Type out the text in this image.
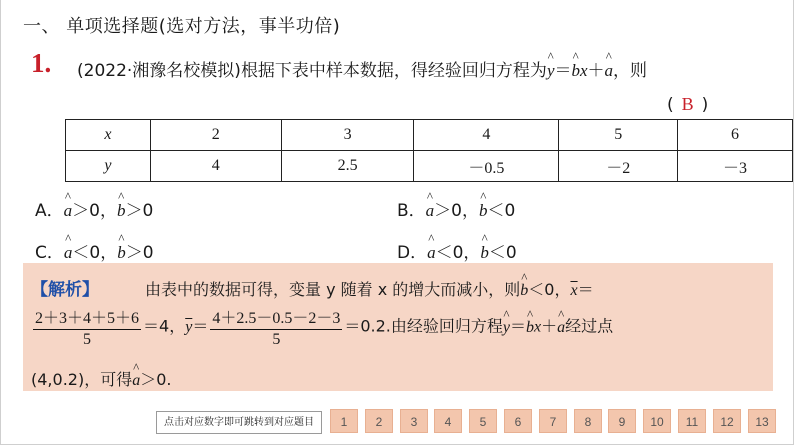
一、 单项选择题(选对方法，事半功倍)
1. (2022·湘豫名校模拟)根据下表中样本数据，得经验回归方程为^ y＝^ bx＋^ a，则
( B )
x	2	3	4	5	6
y	4	2.5	－0.5	－2	－3
A．^ a＞0，^ b＞0	B．^ a＞0，^ b＜0
C．^ a＜0，^ b＞0	D．^ a＜0，^ b＜0
【解析】	由表中的数据可得，变量 y 随着 x 的增大而减小，则^ b＜0，$\overline{x}=$
$\frac{2+3+4+5+6}{5} =4$，$\overline{y}= \frac{4+2.5-0.5-2-3}{5} =0.2$.由经验回归方程^ y＝^ bx＋^ a经过点
(4,0.2)，可得^ a＞0.
点击对应数字即可跳转到对应题目	1	2	3	4	5	6	7	8	9	10	11	12	13
